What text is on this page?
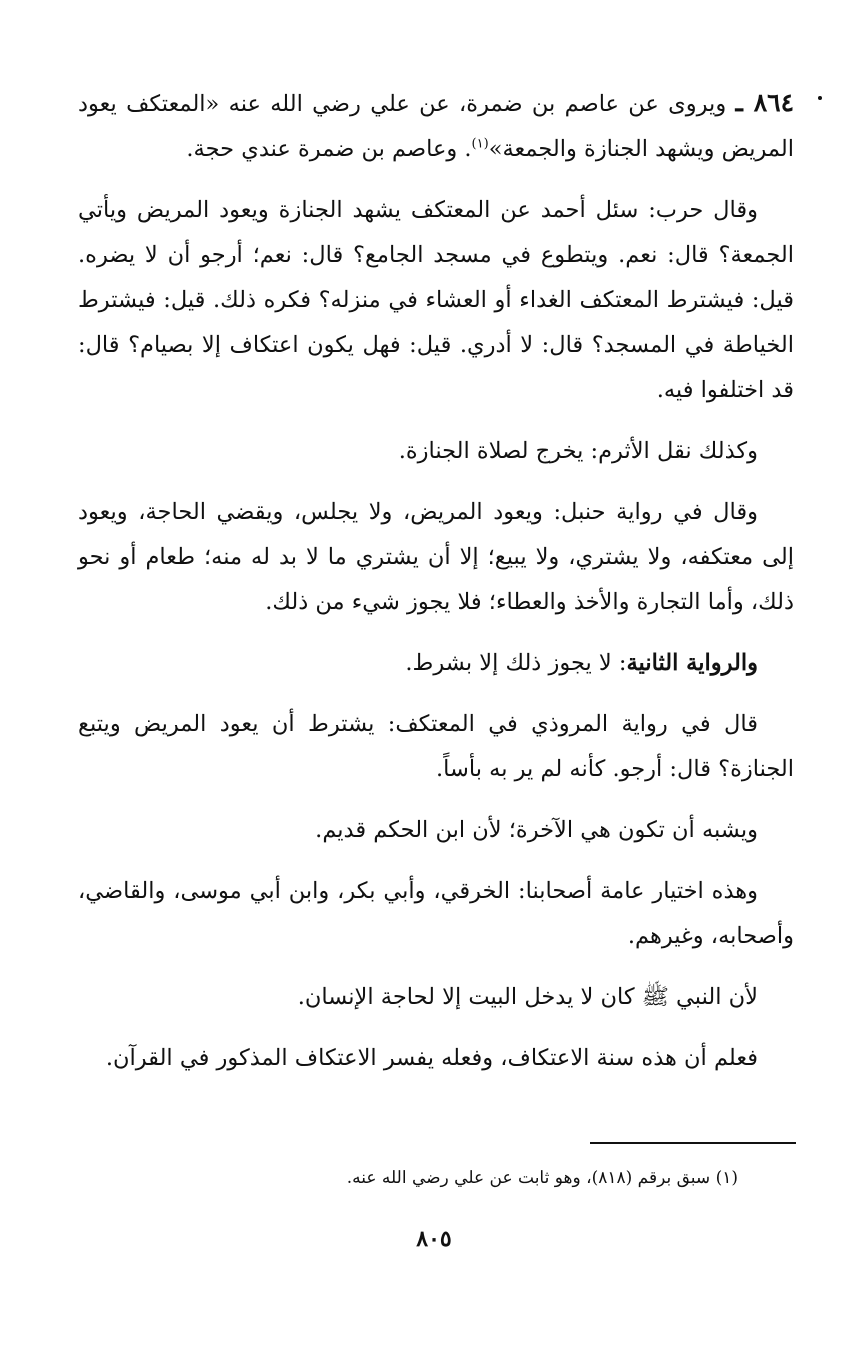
٨٦٤ ـ ويروى عن عاصم بن ضمرة، عن علي رضي الله عنه «المعتكف يعود المريض ويشهد الجنازة والجمعة»$^{(١)}$. وعاصم بن ضمرة عندي حجة.

وقال حرب: سئل أحمد عن المعتكف يشهد الجنازة ويعود المريض ويأتي الجمعة؟ قال: نعم. ويتطوع في مسجد الجامع؟ قال: نعم؛ أرجو أن لا يضره. قيل: فيشترط المعتكف الغداء أو العشاء في منزله؟ فكره ذلك. قيل: فيشترط الخياطة في المسجد؟ قال: لا أدري. قيل: فهل يكون اعتكاف إلا بصيام؟ قال: قد اختلفوا فيه.

وكذلك نقل الأثرم: يخرج لصلاة الجنازة.

وقال في رواية حنبل: ويعود المريض، ولا يجلس، ويقضي الحاجة، ويعود إلى معتكفه، ولا يشتري، ولا يبيع؛ إلا أن يشتري ما لا بد له منه؛ طعام أو نحو ذلك، وأما التجارة والأخذ والعطاء؛ فلا يجوز شيء من ذلك.

والرواية الثانية: لا يجوز ذلك إلا بشرط.

قال في رواية المروذي في المعتكف: يشترط أن يعود المريض ويتبع الجنازة؟ قال: أرجو. كأنه لم ير به بأساً.

ويشبه أن تكون هي الآخرة؛ لأن ابن الحكم قديم.

وهذه اختيار عامة أصحابنا: الخرقي، وأبي بكر، وابن أبي موسى، والقاضي، وأصحابه، وغيرهم.

لأن النبي ﷺ كان لا يدخل البيت إلا لحاجة الإنسان.

فعلم أن هذه سنة الاعتكاف، وفعله يفسر الاعتكاف المذكور في القرآن.

(١) سبق برقم (٨١٨)، وهو ثابت عن علي رضي الله عنه.

٨٠٥
